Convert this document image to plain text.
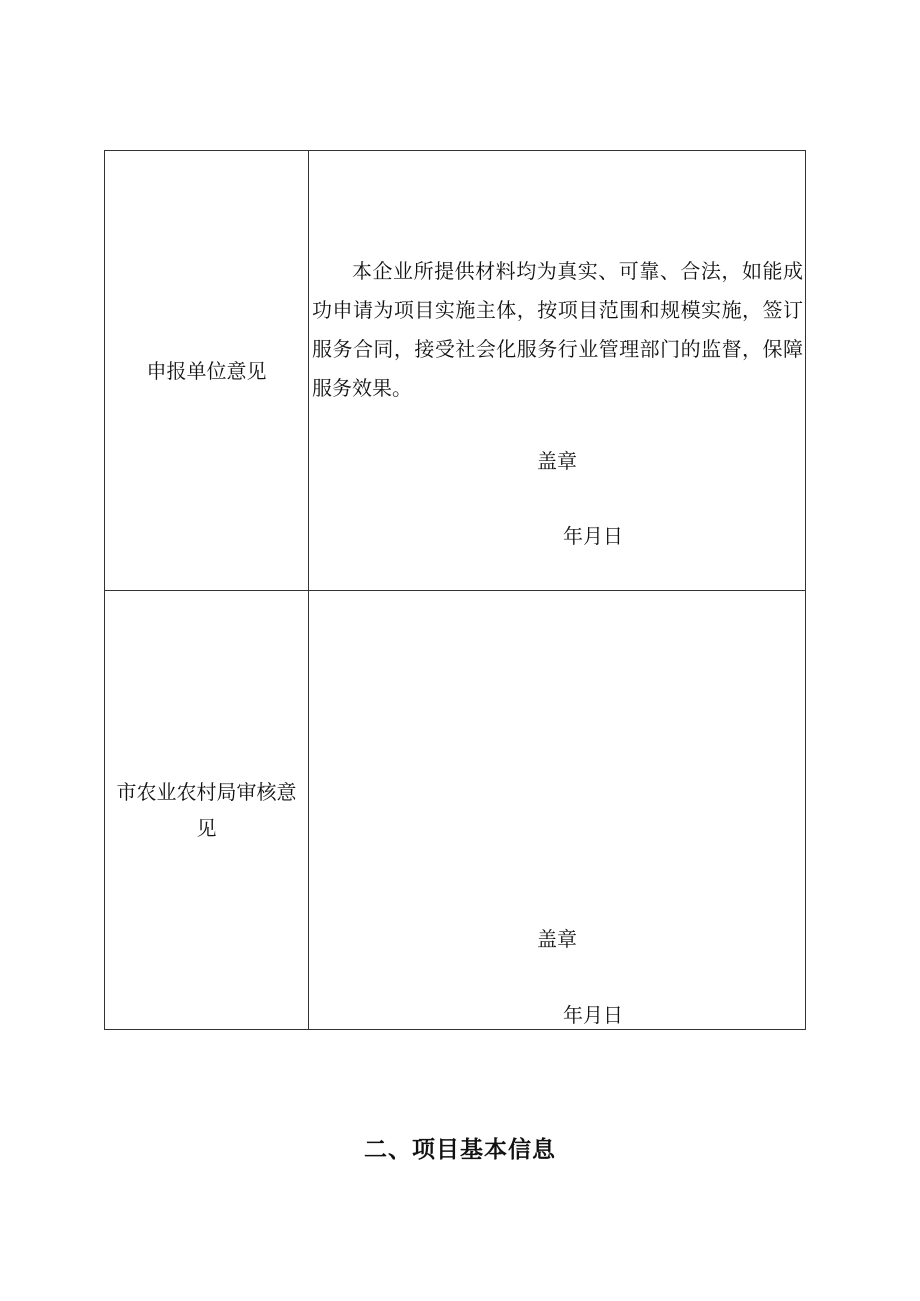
申报单位意见

本企业所提供材料均为真实、可靠、合法，如能成功申请为项目实施主体，按项目范围和规模实施，签订服务合同，接受社会化服务行业管理部门的监督，保障服务效果。

盖章
年月日
市农业农村局审核意见
盖章
年月日
二、项目基本信息
